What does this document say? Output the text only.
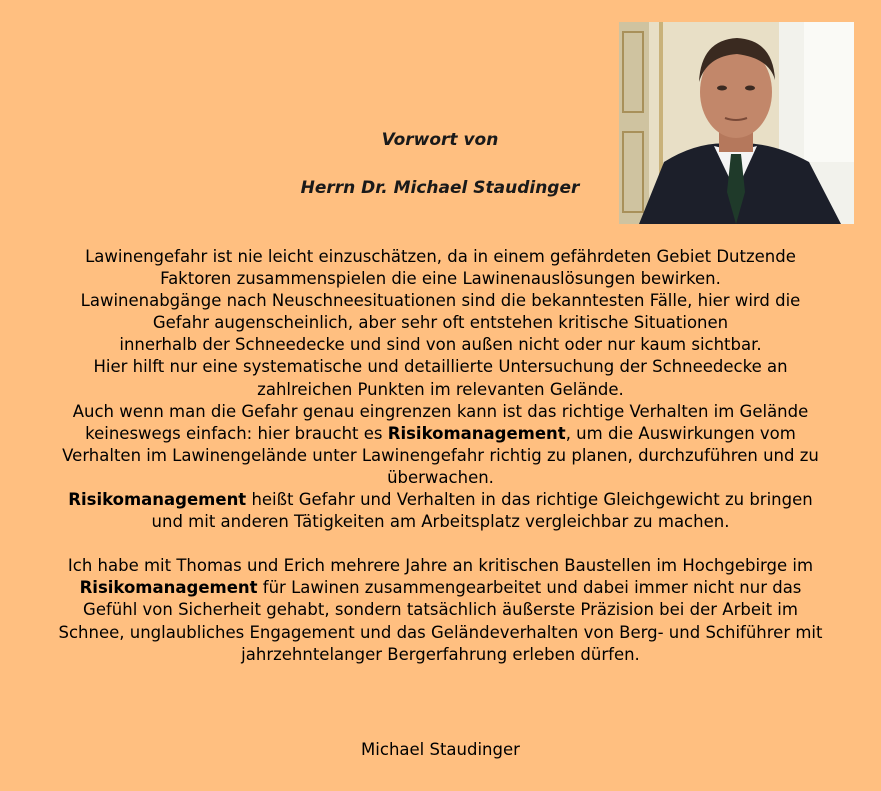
Vorwort von
Herrn Dr. Michael Staudinger

Lawinengefahr ist nie leicht einzuschätzen, da in einem gefährdeten Gebiet Dutzende

Faktoren zusammenspielen die eine Lawinenauslösungen bewirken.

Lawinenabgänge nach Neuschneesituationen sind die bekanntesten Fälle, hier wird die

Gefahr augenscheinlich, aber sehr oft entstehen kritische Situationen

innerhalb der Schneedecke und sind von außen nicht oder nur kaum sichtbar.

Hier hilft nur eine systematische und detaillierte Untersuchung der Schneedecke an

zahlreichen Punkten im relevanten Gelände.

Auch wenn man die Gefahr genau eingrenzen kann ist das richtige Verhalten im Gelände

keineswegs einfach: hier braucht es Risikomanagement, um die Auswirkungen vom

Verhalten im Lawinengelände unter Lawinengefahr richtig zu planen, durchzuführen und zu

überwachen.

Risikomanagement heißt Gefahr und Verhalten in das richtige Gleichgewicht zu bringen

und mit anderen Tätigkeiten am Arbeitsplatz vergleichbar zu machen.

Ich habe mit Thomas und Erich mehrere Jahre an kritischen Baustellen im Hochgebirge im

Risikomanagement für Lawinen zusammengearbeitet und dabei immer nicht nur das

Gefühl von Sicherheit gehabt, sondern tatsächlich äußerste Präzision bei der Arbeit im

Schnee, unglaubliches Engagement und das Geländeverhalten von Berg- und Schiführer mit

jahrzehntelanger Bergerfahrung erleben dürfen.

Michael Staudinger
